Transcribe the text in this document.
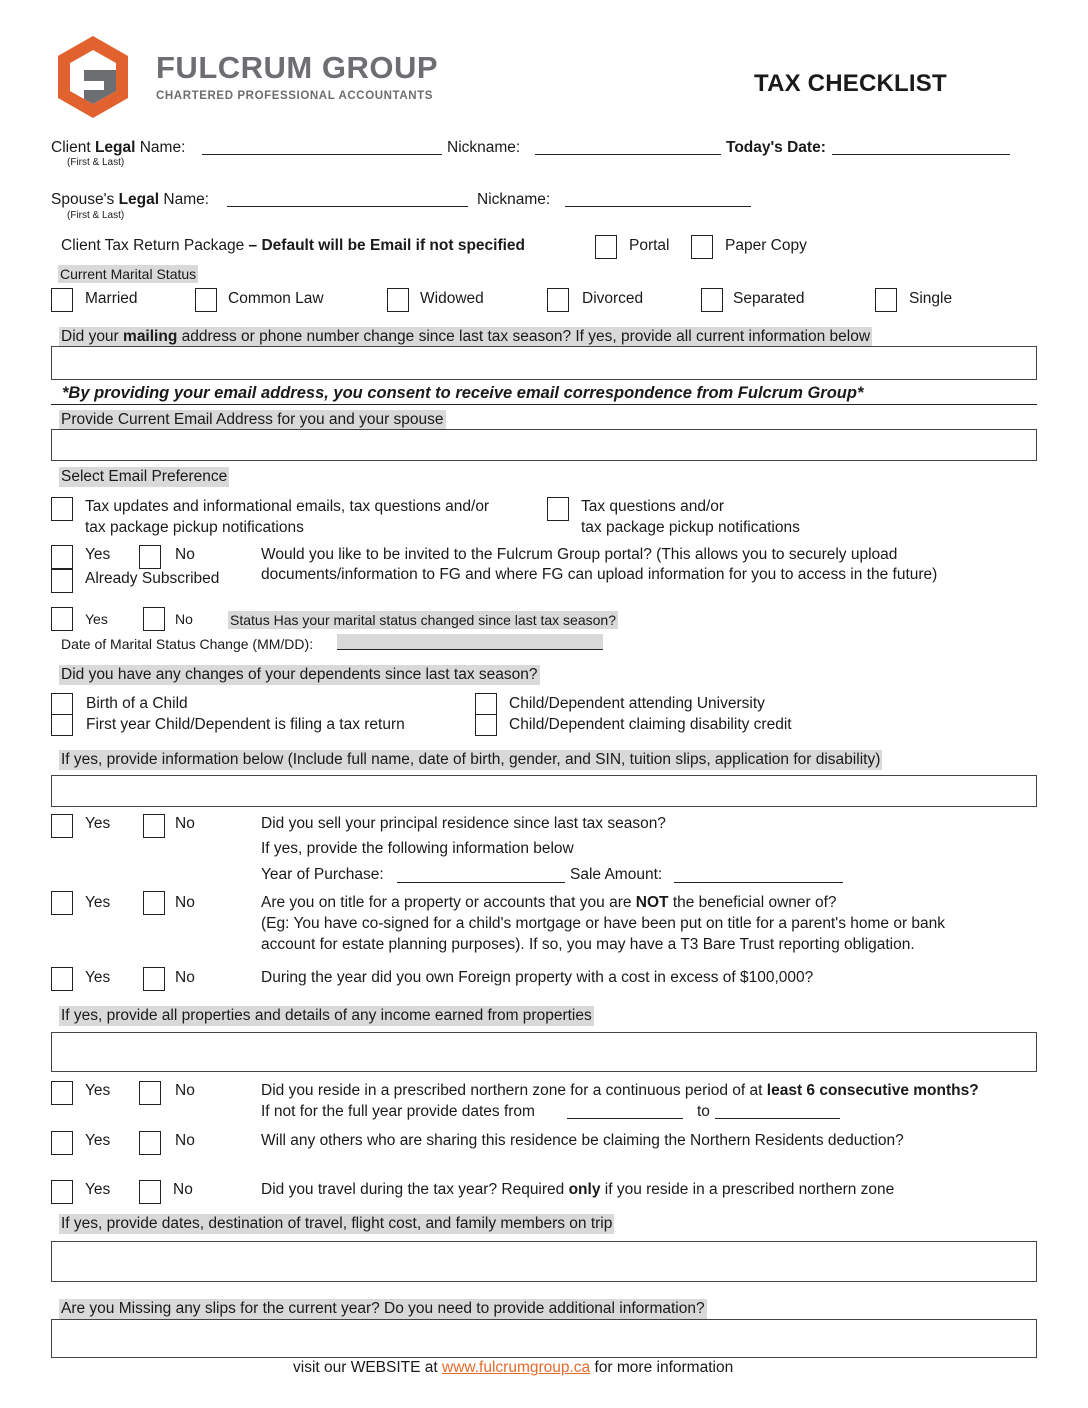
FULCRUM GROUP
CHARTERED PROFESSIONAL ACCOUNTANTS	TAX CHECKLIST
Client Legal Name:
(First & Last)
Nickname:	Today's Date:
Spouse's Legal Name:
(First & Last)
Nickname:
Client Tax Return Package – Default will be Email if not specified	Portal	Paper Copy
Current Marital Status
Married	Common Law	Widowed	Divorced	Separated	Single
Did your mailing address or phone number change since last tax season? If yes, provide all current information below
*By providing your email address, you consent to receive email correspondence from Fulcrum Group*
Provide Current Email Address for you and your spouse
Select Email Preference
Tax updates and informational emails, tax questions and/or
tax package pickup notifications
Tax questions and/or
tax package pickup notifications
Yes	No
Already Subscribed
Would you like to be invited to the Fulcrum Group portal? (This allows you to securely upload
documents/information to FG and where FG can upload information for you to access in the future)
Yes	No	Status Has your marital status changed since last tax season?
Date of Marital Status Change (MM/DD):
Did you have any changes of your dependents since last tax season?
Birth of a Child
First year Child/Dependent is filing a tax return
Child/Dependent attending University
Child/Dependent claiming disability credit
If yes, provide information below (Include full name, date of birth, gender, and SIN, tuition slips, application for disability)
Yes	No	Did you sell your principal residence since last tax season?
If yes, provide the following information below
Year of Purchase:	Sale Amount:
Yes	No	Are you on title for a property or accounts that you are NOT the beneficial owner of?
(Eg: You have co-signed for a child's mortgage or have been put on title for a parent's home or bank
account for estate planning purposes). If so, you may have a T3 Bare Trust reporting obligation.
Yes	No	During the year did you own Foreign property with a cost in excess of $100,000?
If yes, provide all properties and details of any income earned from properties
Yes	No	Did you reside in a prescribed northern zone for a continuous period of at least 6 consecutive months?
If not for the full year provide dates from	to
Yes	No	Will any others who are sharing this residence be claiming the Northern Residents deduction?
Yes	No	Did you travel during the tax year? Required only if you reside in a prescribed northern zone
If yes, provide dates, destination of travel, flight cost, and family members on trip
Are you Missing any slips for the current year? Do you need to provide additional information?
visit our WEBSITE at www.fulcrumgroup.ca for more information
